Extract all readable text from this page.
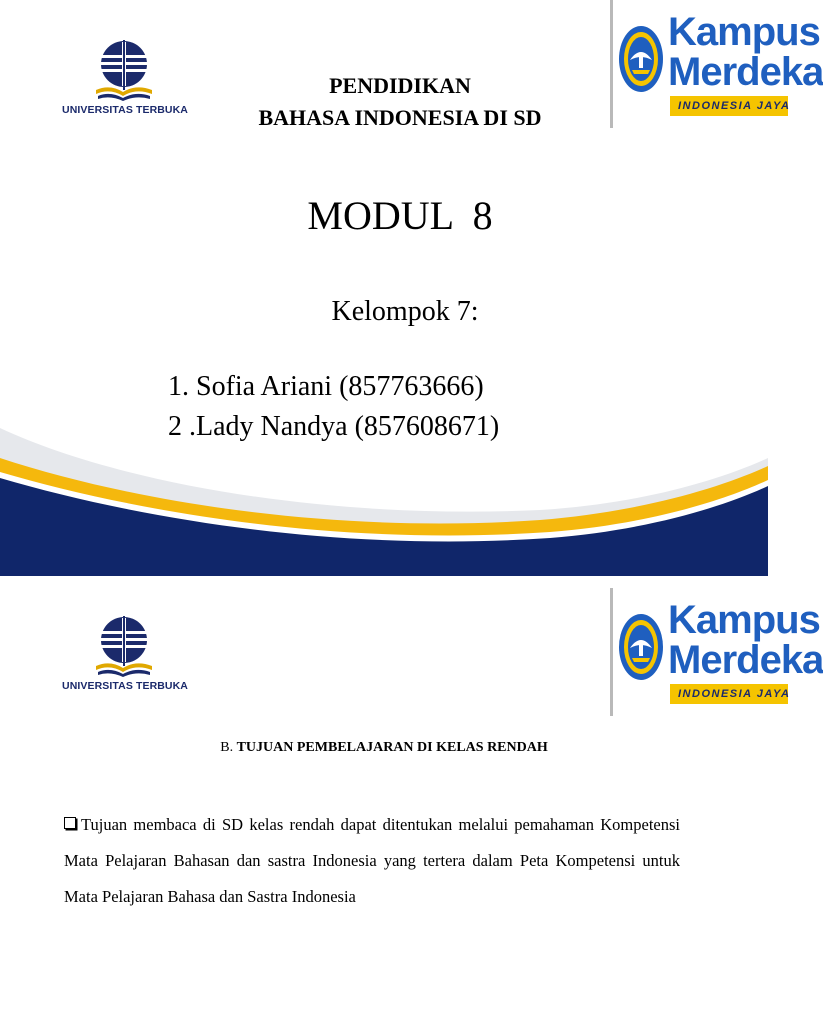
UNIVERSITAS TERBUKA
PENDIDIKAN
BAHASA INDONESIA DI SD
Kampus
Merdeka
INDONESIA JAYA
MODUL  8
Kelompok 7:
1. Sofia Ariani (857763666)
2 .Lady Nandya (857608671)
UNIVERSITAS TERBUKA
Kampus
Merdeka
INDONESIA JAYA
B. TUJUAN PEMBELAJARAN DI KELAS RENDAH
Tujuan membaca di SD kelas rendah dapat ditentukan melalui pemahaman Kompetensi Mata Pelajaran Bahasan dan sastra Indonesia yang tertera dalam Peta Kompetensi untuk Mata Pelajaran Bahasa dan Sastra Indonesia
